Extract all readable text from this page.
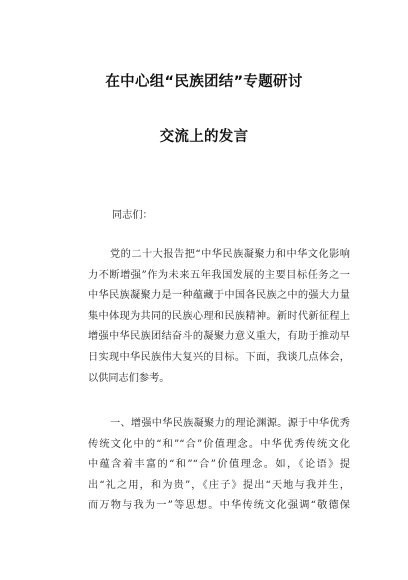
在中心组“民族团结”专题研讨
交流上的发言
同志们：
党的二十大报告把“中华民族凝聚力和中华文化影响
力不断增强”作为未来五年我国发展的主要目标任务之一
中华民族凝聚力是一种蕴藏于中国各民族之中的强大力量
集中体现为共同的民族心理和民族精神。新时代新征程上
增强中华民族团结奋斗的凝聚力意义重大，有助于推动早
日实现中华民族伟大复兴的目标。下面，我谈几点体会，
以供同志们参考。
一、增强中华民族凝聚力的理论渊源。源于中华优秀
传统文化中的“和”“合”价值理念。中华优秀传统文化
中蕴含着丰富的“和”“合”价值理念。如，《论语》提
出“礼之用，和为贵”，《庄子》提出“天地与我并生，
而万物与我为一”等思想。中华传统文化强调“敬德保
